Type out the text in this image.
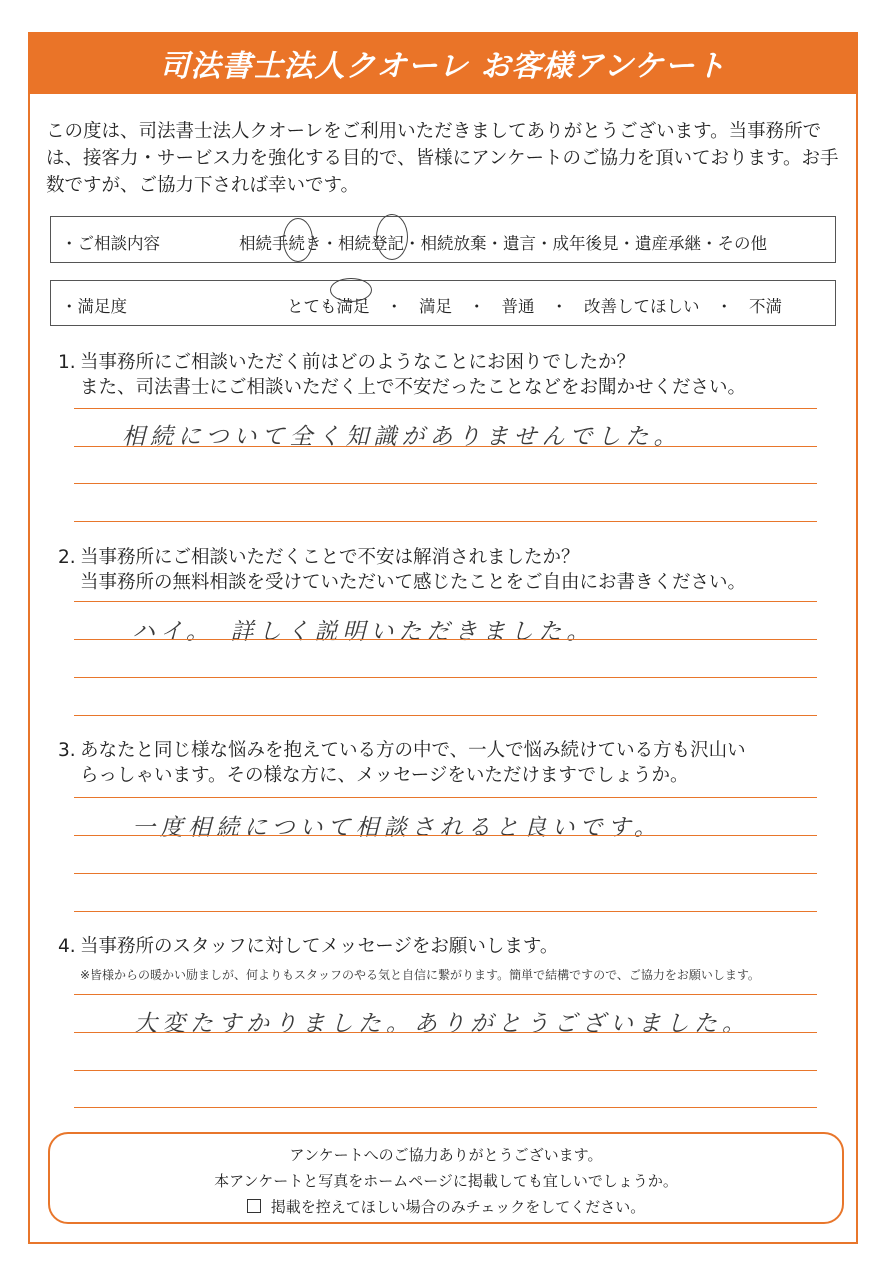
司法書士法人クオーレ お客様アンケート
この度は、司法書士法人クオーレをご利用いただきましてありがとうございます。当事務所では、接客力・サービス力を強化する目的で、皆様にアンケートのご協力を頂いております。お手数ですが、ご協力下されば幸いです。
・ご相談内容	相続手続き・相続登記・相続放棄・遺言・成年後見・遺産承継・その他
・満足度	とても満足　・　満足　・　普通　・　改善してほしい　・　不満
1. 当事務所にご相談いただく前はどのようなことにお困りでしたか？
また、司法書士にご相談いただく上で不安だったことなどをお聞かせください。
相続について全く知識がありませんでした。
2. 当事務所にご相談いただくことで不安は解消されましたか？
当事務所の無料相談を受けていただいて感じたことをご自由にお書きください。
ハイ。　詳しく説明いただきました。
3. あなたと同じ様な悩みを抱えている方の中で、一人で悩み続けている方も沢山い
らっしゃいます。その様な方に、メッセージをいただけますでしょうか。
一度相続について相談されると良いです。
4. 当事務所のスタッフに対してメッセージをお願いします。
※皆様からの暖かい励ましが、何よりもスタッフのやる気と自信に繋がります。簡単で結構ですので、ご協力をお願いします。
大変たすかりました。ありがとうございました。
アンケートへのご協力ありがとうございます。
本アンケートと写真をホームページに掲載しても宜しいでしょうか。
掲載を控えてほしい場合のみチェックをしてください。
